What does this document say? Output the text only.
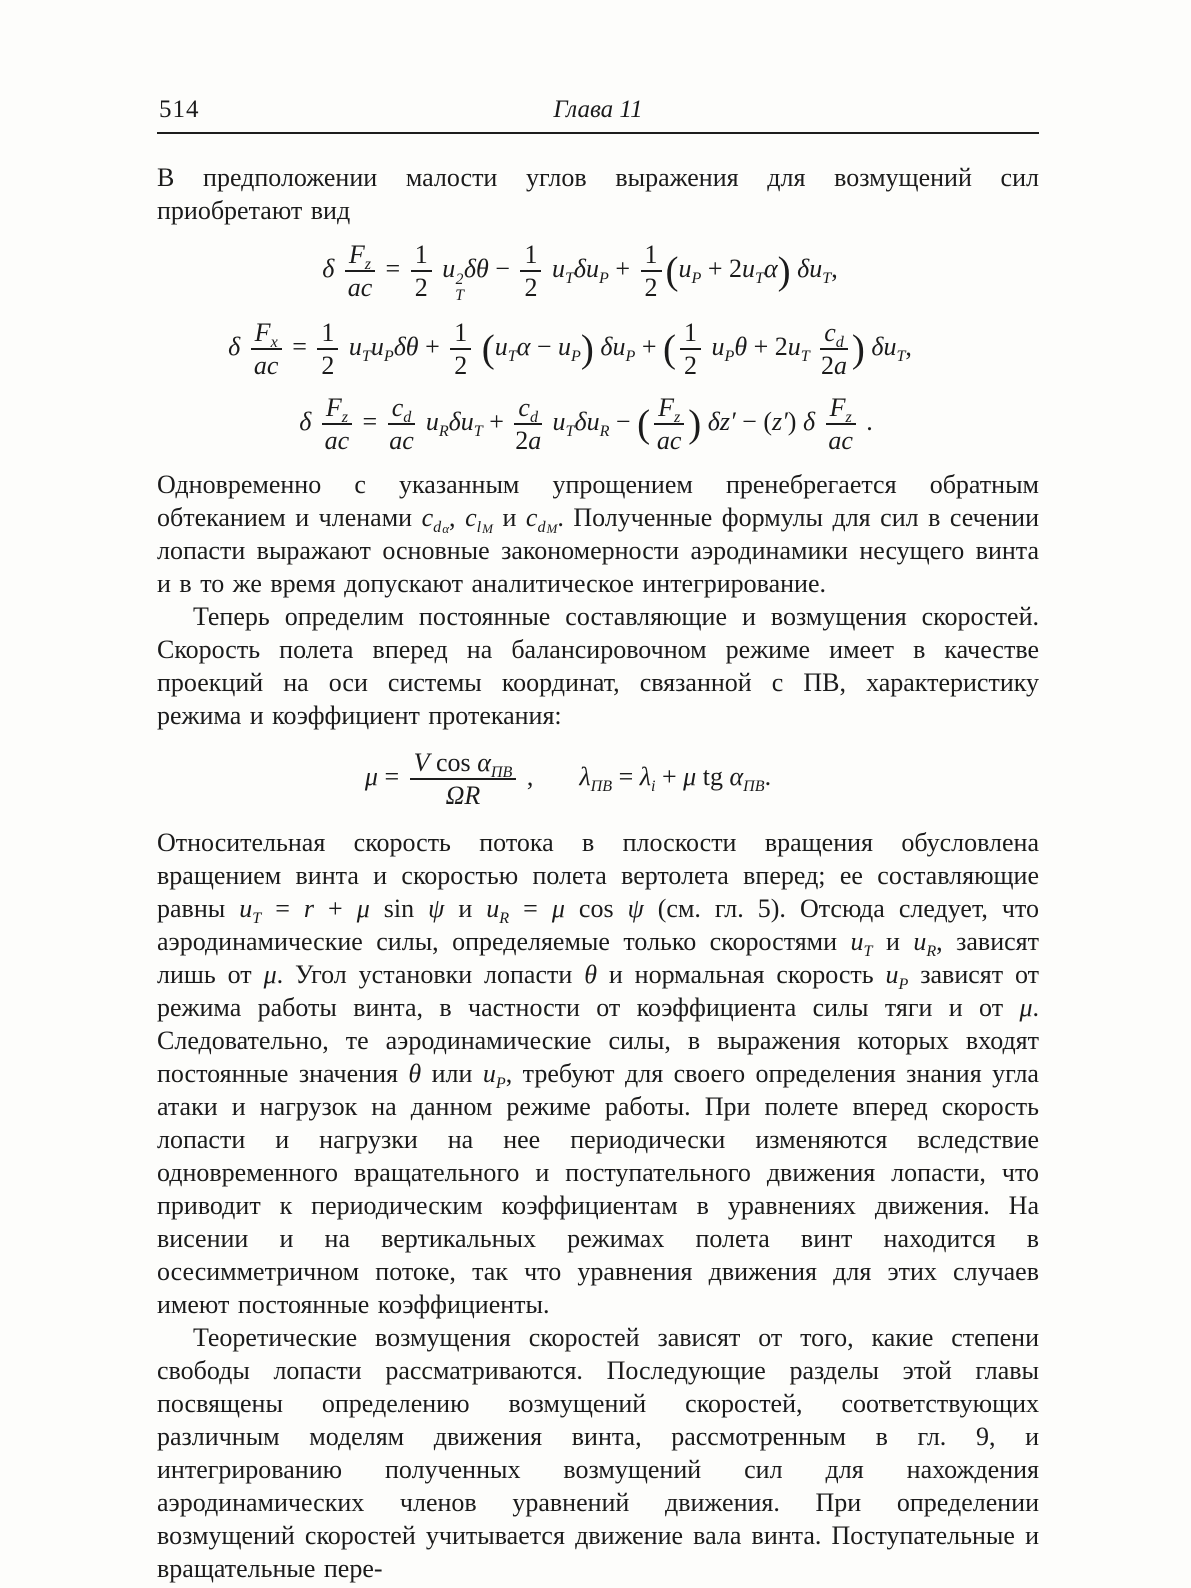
514	Глава 11

В предположении малости углов выражения для возмущений сил приобретают вид

δ $\frac{F_z}{ac} = \frac{1}{2}$ u 2
T
$\delta\theta - \frac{1}{2} u_T\delta u_P + \frac{1}{2} (u_P + 2u_T\alpha)$ $\delta u_T$,
δ $\frac{F_x}{ac} = \frac{1}{2} u_Tu_P\delta\theta + \frac{1}{2} (u_T\alpha - u_P) \delta u_P$ + ( $\frac{1}{2} u_P\theta + 2u_T \frac{c_d}{2a}$ ) $\delta u_T$,
δ $\frac{F_z}{ac} = \frac{c_d}{ac} u_R\delta u_T + \frac{c_d}{2a} u_T\delta u_R$ − ( $\frac{F_z}{ac}$ ) δz′ − (z′) δ $\frac{F_z}{ac}$ .

Одновременно с указанным упрощением пренебрегается обратным обтеканием и членами $c_{d\alpha}$, $c_{lM}$ и $c_{dM}$. Полученные формулы для сил в сечении лопасти выражают основные закономерности аэродинамики несущего винта и в то же время допускают аналитическое интегрирование.

Теперь определим постоянные составляющие и возмущения скоростей. Скорость полета вперед на балансировочном режиме имеет в качестве проекций на оси системы координат, связанной с ПВ, характеристику режима и коэффициент протекания:

$\mu = \frac{V \cos \alpha_{ПВ}}{\Omega R}$ , $\lambda_{ПВ} = \lambda_i + \mu$ tg $\alpha_{ПВ}$.

Относительная скорость потока в плоскости вращения обусловлена вращением винта и скоростью полета вертолета вперед; ее составляющие равны $u_T = r + \mu$ sin ψ и $u_R = \mu$ cos ψ (см. гл. 5). Отсюда следует, что аэродинамические силы, определяемые только скоростями $u_T$ и $u_R$, зависят лишь от μ. Угол установки лопасти θ и нормальная скорость $u_P$ зависят от режима работы винта, в частности от коэффициента силы тяги и от μ. Следовательно, те аэродинамические силы, в выражения которых входят постоянные значения θ или $u_P$, требуют для своего определения знания угла атаки и нагрузок на данном режиме работы. При полете вперед скорость лопасти и нагрузки на нее периодически изменяются вследствие одновременного вращательного и поступательного движения лопасти, что приводит к периодическим коэффициентам в уравнениях движения. На висении и на вертикальных режимах полета винт находится в осесимметричном потоке, так что уравнения движения для этих случаев имеют постоянные коэффициенты.

Теоретические возмущения скоростей зависят от того, какие степени свободы лопасти рассматриваются. Последующие разделы этой главы посвящены определению возмущений скоростей, соответствующих различным моделям движения винта, рассмотренным в гл. 9, и интегрированию полученных возмущений сил для нахождения аэродинамических членов уравнений движения. При определении возмущений скоростей учитывается движение вала винта. Поступательные и вращательные пере-
